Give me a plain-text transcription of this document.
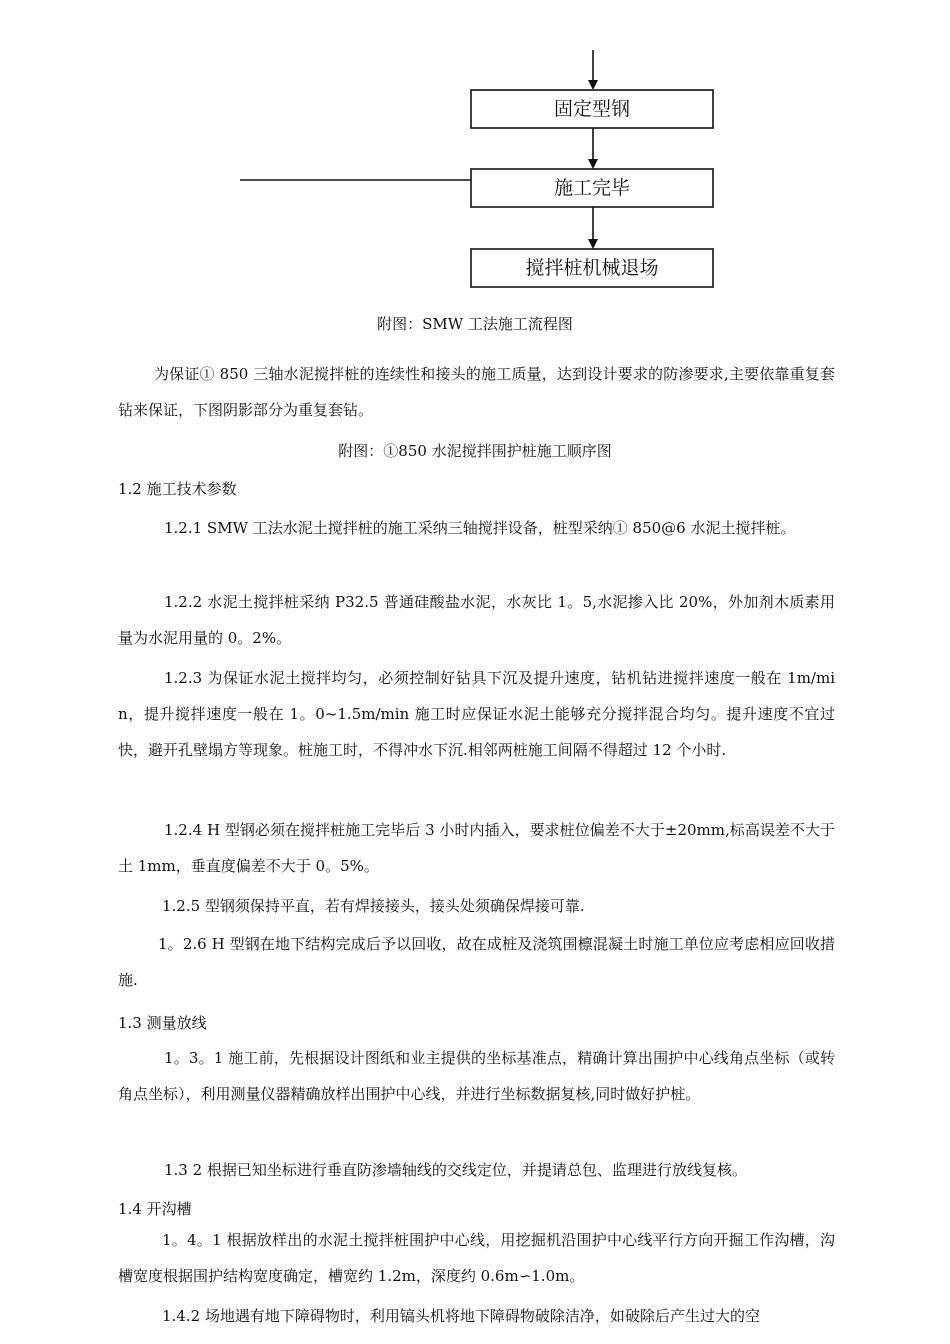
固定型钢
施工完毕
搅拌桩机械退场
附图：SMW 工法施工流程图

为保证① 850 三轴水泥搅拌桩的连续性和接头的施工质量，达到设计要求的防渗要求,主要依靠重复套钻来保证，下图阴影部分为重复套钻。

附图：①850 水泥搅拌围护桩施工顺序图
1.2 施工技术参数

1.2.1 SMW 工法水泥土搅拌桩的施工采纳三轴搅拌设备，桩型采纳① 850@6 水泥土搅拌桩。

1.2.2 水泥土搅拌桩采纳 P32.5 普通硅酸盐水泥，水灰比 1。5,水泥掺入比 20%，外加剂木质素用量为水泥用量的 0。2%。

1.2.3 为保证水泥土搅拌均匀，必须控制好钻具下沉及提升速度，钻机钻进搅拌速度一般在 1m/min，提升搅拌速度一般在 1。0~1.5m/min 施工时应保证水泥土能够充分搅拌混合均匀。提升速度不宜过快，避开孔壁塌方等现象。桩施工时，不得冲水下沉.相邻两桩施工间隔不得超过 12 个小时.

1.2.4 H 型钢必须在搅拌桩施工完毕后 3 小时内插入，要求桩位偏差不大于±20mm,标高误差不大于土 1mm，垂直度偏差不大于 0。5%。

1.2.5 型钢须保持平直，若有焊接接头，接头处须确保焊接可靠.

1。2.6 H 型钢在地下结构完成后予以回收，故在成桩及浇筑围檩混凝土时施工单位应考虑相应回收措施.

1.3 测量放线

1。3。1 施工前，先根据设计图纸和业主提供的坐标基准点，精确计算出围护中心线角点坐标（或转角点坐标），利用测量仪器精确放样出围护中心线，并进行坐标数据复核,同时做好护桩。

1.3 2 根据已知坐标进行垂直防渗墙轴线的交线定位，并提请总包、监理进行放线复核。

1.4 开沟槽

1。4。1 根据放样出的水泥土搅拌桩围护中心线，用挖掘机沿围护中心线平行方向开掘工作沟槽，沟槽宽度根据围护结构宽度确定，槽宽约 1.2m，深度约 0.6m∽1.0m。

1.4.2 场地遇有地下障碍物时，利用镐头机将地下障碍物破除洁净，如破除后产生过大的空
